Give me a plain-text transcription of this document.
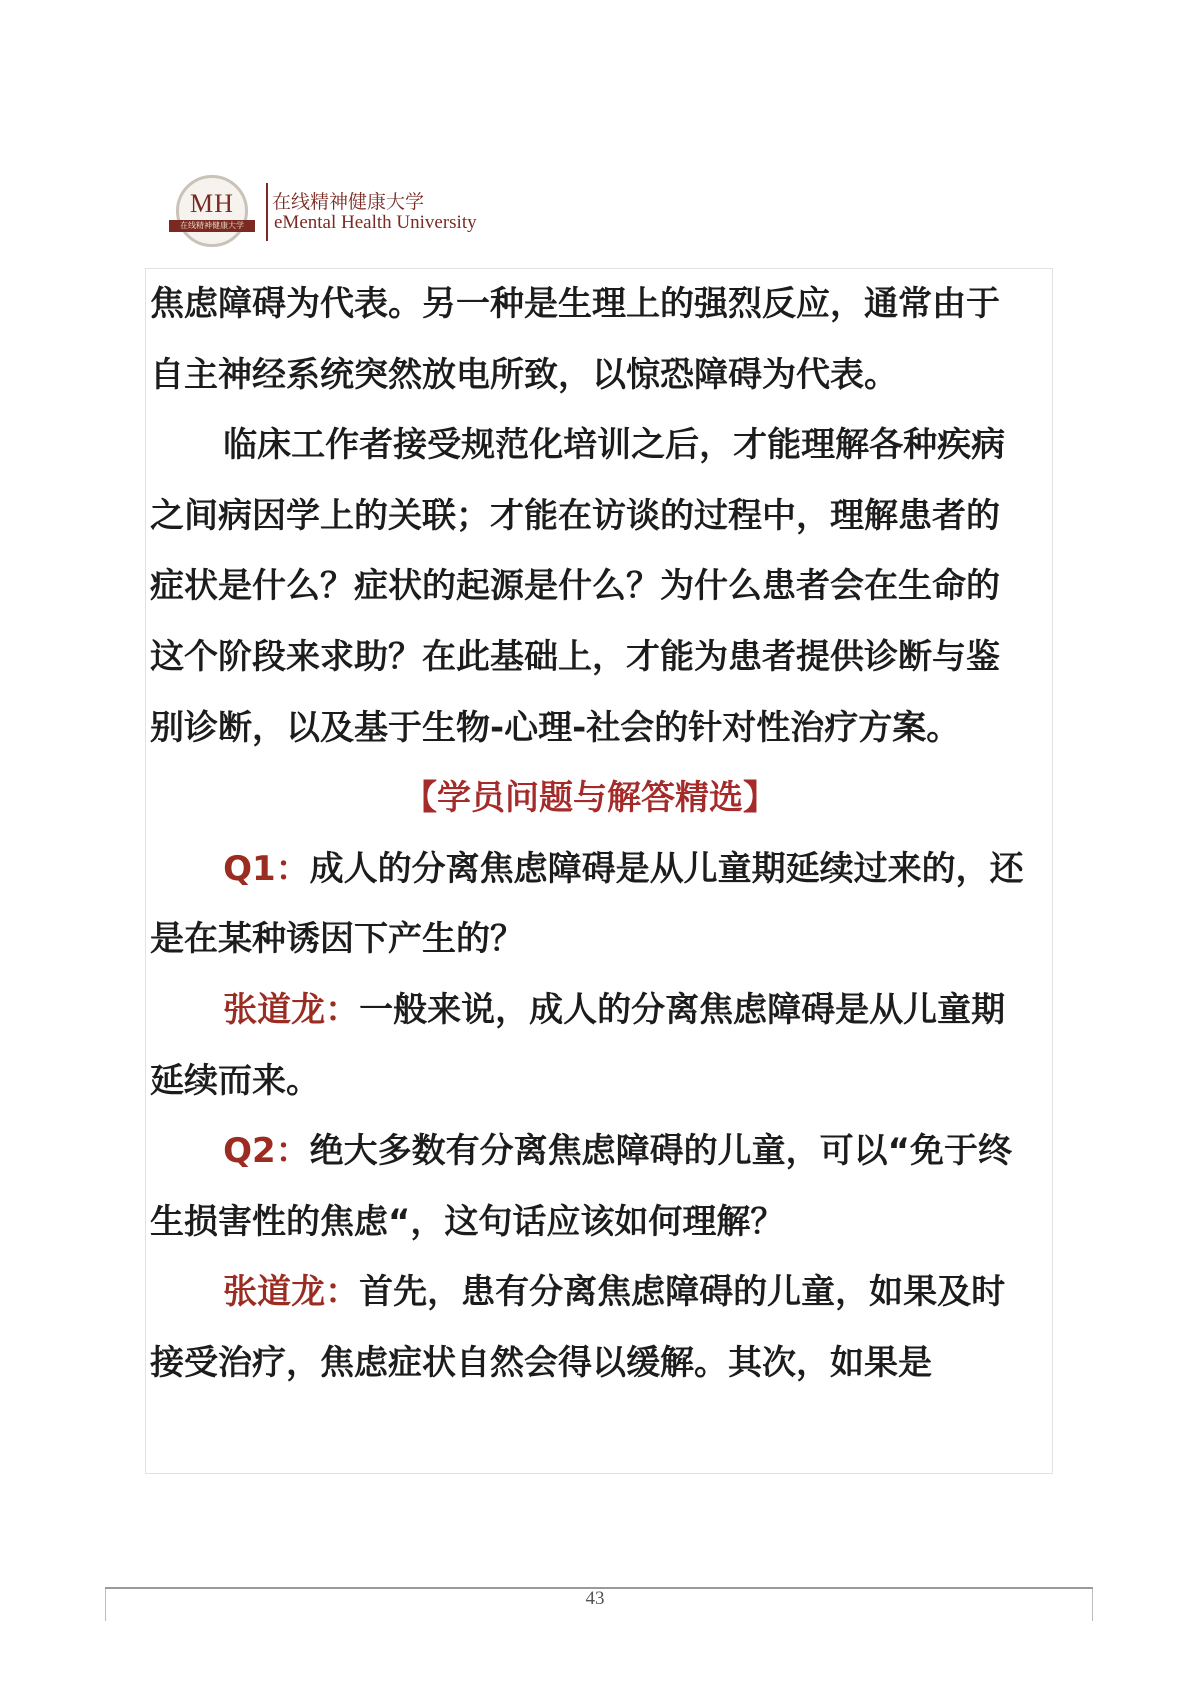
MH
在线精神健康大学
在线精神健康大学
eMental Health University

焦虑障碍为代表。另一种是生理上的强烈反应，通常由于自主神经系统突然放电所致，以惊恐障碍为代表。

临床工作者接受规范化培训之后，才能理解各种疾病之间病因学上的关联；才能在访谈的过程中，理解患者的症状是什么？症状的起源是什么？为什么患者会在生命的这个阶段来求助？在此基础上，才能为患者提供诊断与鉴别诊断，以及基于生物-心理-社会的针对性治疗方案。

【学员问题与解答精选】

Q1：成人的分离焦虑障碍是从儿童期延续过来的，还是在某种诱因下产生的？

张道龙：一般来说，成人的分离焦虑障碍是从儿童期延续而来。

Q2：绝大多数有分离焦虑障碍的儿童，可以“免于终生损害性的焦虑“，这句话应该如何理解？

张道龙：首先，患有分离焦虑障碍的儿童，如果及时接受治疗，焦虑症状自然会得以缓解。其次，如果是

43
